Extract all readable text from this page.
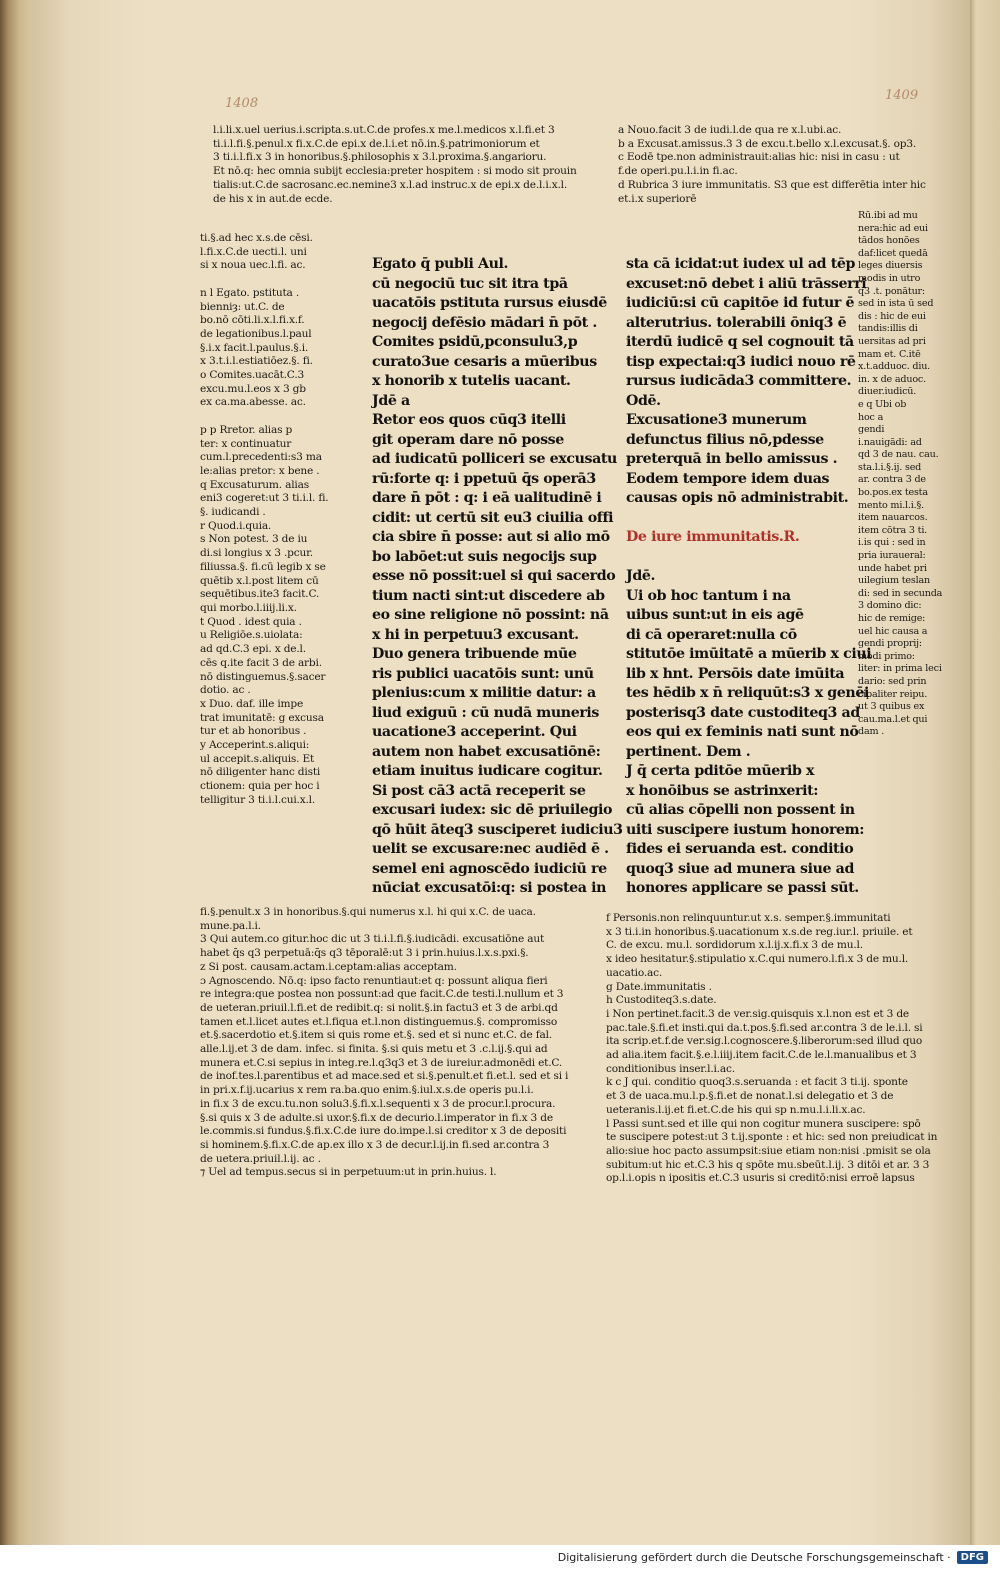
1408
1409

l.i.li.x.uel uerius.i.scripta.s.ut.C.de profes.x me.l.medicos x.l.fi.et 3

ti.i.l.fi.§.penul.x fi.x.C.de epi.x de.l.i.et nō.in.§.patrimoniorum et

3 ti.i.l.fi.x 3 in honoribus.§.philosophis x 3.l.proxima.§.angarioru.

Et nō.q: hec omnia subijt ecclesia:preter hospitem : si modo sit prouin

tialis:ut.C.de sacrosanc.ec.nemine3 x.l.ad instruc.x de epi.x de.l.i.x.l.

de his x in aut.de ecde.

ti.§.ad hec x.s.de cēsi.

l.fi.x.C.de uecti.l. uni

si x noua uec.l.fi. ac.

n l Egato. pstituta .

bienniȝ: ut.C. de

bo.nō cōti.li.x.l.fi.x.f.

de legationibus.l.paul

§.i.x facit.l.paulus.§.i.

x 3.t.i.l.estiatiōez.§. fi.

o Comites.uacāt.C.3

excu.mu.l.eos x 3 gb

ex ca.ma.abesse. ac.

p p Rretor. alias p

ter: x continuatur

cum.l.precedenti:s3 ma

le:alias pretor: x bene .

q Excusaturum. alias

eni3 cogeret:ut 3 ti.i.l. fi.

§. iudicandi .

r Quod.i.quia.

s Non potest. 3 de iu

di.si longius x 3 .pcur.

filiussa.§. fi.cū legib x se

quētib x.l.post litem cū

sequētibus.ite3 facit.C.

qui morbo.l.iiij.li.x.

t Quod . idest quia .

u Religiōe.s.uiolata:

ad qd.C.3 epi. x de.l.

cēs q.ite facit 3 de arbi.

nō distinguemus.§.sacer

dotio. ac .

x Duo. daf. ille impe

trat imunitatē: g excusa

tur et ab honoribus .

y Acceperint.s.aliqui:

ul accepit.s.aliquis. Et

nō diligenter hanc disti

ctionem: quia per hoc i

telligitur 3 ti.i.l.cui.x.l.

fi.§.penult.x 3 in honoribus.§.qui numerus x.l. hi qui x.C. de uaca.

mune.pa.l.i.

3 Qui autem.co gitur.hoc dic ut 3 ti.i.l.fi.§.iudicādi. excusatiōne aut

habet q̄s q3 perpetuā:q̄s q3 tēporalē:ut 3 i prin.huius.l.x.s.pxi.§.

z Si post. causam.actam.i.ceptam:alias acceptam.

ɔ Agnoscendo. Nō.q: ipso facto renuntiaut:et q: possunt aliqua fieri

re integra:que postea non possunt:ad que facit.C.de testi.l.nullum et 3

de ueteran.priuil.l.fi.et de redibit.q: si nolit.§.in factu3 et 3 de arbi.qd

tamen et.l.licet autes et.l.fiqua et.l.non distinguemus.§. compromisso

et.§.sacerdotio et.§.item si quis rome et.§. sed et si nunc et.C. de fal.

alle.l.ij.et 3 de dam. infec. si finita. §.si quis metu et 3 .c.l.ij.§.qui ad

munera et.C.si sepius in integ.re.l.q3q3 et 3 de iureiur.admonēdi et.C.

de inof.tes.l.parentibus et ad mace.sed et si.§.penult.et fi.et.l. sed et si i

in pri.x.f.ij.ucarius x rem ra.ba.quo enim.§.iul.x.s.de operis pu.l.i.

in fi.x 3 de excu.tu.non solu3.§.fi.x.l.sequenti x 3 de procur.l.procura.

§.si quis x 3 de adulte.si uxor.§.fi.x de decurio.l.imperator in fi.x 3 de

le.commis.si fundus.§.fi.x.C.de iure do.impe.l.si creditor x 3 de depositi

si hominem.§.fi.x.C.de ap.ex illo x 3 de decur.l.ij.in fi.sed ar.contra 3

de uetera.priuil.l.ij. ac .

⁊ Uel ad tempus.secus si in perpetuum:ut in prin.huius. l.

a Nouo.facit 3 de iudi.l.de qua re x.l.ubi.ac.

b a Excusat.amissus.3 3 de excu.t.bello x.l.excusat.§. op3.

c Eodē tpe.non administrauit:alias hic: nisi in casu : ut

f.de operi.pu.l.i.in fi.ac.

d Rubrica 3 iure immunitatis. S3 que est differētia inter hic

et.i.x superiorē

Rū.ibi ad mu

nera:hic ad eui

tādos honōes

daf:licet quedā

leges diuersis

modis in utro

q3 .t. ponātur:

sed in ista ū sed

dis : hic de eui

tandis:illis di

uersitas ad pri

mam et. C.itē

x.t.adduoc. diu.

in. x de aduoc.

diuer.iudicū.

e q Ubi ob

hoc a

gendi

i.nauigādi: ad

qd 3 de nau. cau.

sta.l.i.§.ij. sed

ar. contra 3 de

bo.pos.ex testa

mento mi.l.i.§.

item nauarcos.

item cōtra 3 ti.

i.is qui : sed in

pria iuraueral:

unde habet pri

uilegium teslan

di: sed in secunda

3 domino dic:

hic de remige:

uel hic causa a

gendi proprij:

modi primo:

liter: in prima leci

dario: sed prin

cipaliter reipu.

ut 3 quibus ex

cau.ma.l.et qui

dam .

f Personis.non relinquuntur.ut x.s. semper.§.immunitati

x 3 ti.i.in honoribus.§.uacationum x.s.de reg.iur.l. priuile. et

C. de excu. mu.l. sordidorum x.l.ij.x.fi.x 3 de mu.l.

x ideo hesitatur.§.stipulatio x.C.qui numero.l.fi.x 3 de mu.l.

uacatio.ac.

g Date.immunitatis .

h Custoditeq3.s.date.

i Non pertinet.facit.3 de ver.sig.quisquis x.l.non est et 3 de

pac.tale.§.fi.et insti.qui da.t.pos.§.fi.sed ar.contra 3 de le.i.l. si

ita scrip.et.f.de ver.sig.l.cognoscere.§.liberorum:sed illud quo

ad alia.item facit.§.e.l.iiij.item facit.C.de le.l.manualibus et 3

conditionibus inser.l.i.ac.

k c J qui. conditio quoq3.s.seruanda : et facit 3 ti.ij. sponte

et 3 de uaca.mu.l.p.§.fi.et de nonat.l.si delegatio et 3 de

ueteranis.l.ij.et fi.et.C.de his qui sp n.mu.l.i.li.x.ac.

l Passi sunt.sed et ille qui non cogitur munera suscipere: spō

te suscipere potest:ut 3 t.ij.sponte : et hic: sed non preiudicat in

alio:siue hoc pacto assumpsit:siue etiam non:nisi .pmisit se ola

subitum:ut hic et.C.3 his q spōte mu.sbeūt.l.ij. 3 ditōi et ar. 3 3

op.l.i.opis n ipositis et.C.3 usuris si creditō:nisi erroē lapsus

Egato q̄ publi Aul.

cū negociū tuc sit itra tpā

uacatōis pstituta rursus eiusdē

negocij defēsio mādari n̄ pōt .

Comites psidū,pconsulu3,p

curato3ue cesaris a mūeribus

x honorib x tutelis uacant.

Jdē a

Retor eos quos cūq3 itelli

git operam dare nō posse

ad iudicatū polliceri se excusatu

rū:forte q: i ppetuū q̄s operā3

dare n̄ pōt : q: i eā ualitudinē i

cidit: ut certū sit eu3 ciuilia offi

cia sbire n̄ posse: aut si alio mō

bo labōet:ut suis negocijs sup

esse nō possit:uel si qui sacerdo

tium nacti sint:ut discedere ab

eo sine religione nō possint: nā

x hi in perpetuu3 excusant.

Duo genera tribuende mūe

ris publici uacatōis sunt: unū

plenius:cum x militie datur: a

liud exiguū : cū nudā muneris

uacatione3 acceperint. Qui

autem non habet excusatiōnē:

etiam inuitus iudicare cogitur.

Si post cā3 actā receperit se

excusari iudex: sic dē priuilegio

qō hūit āteq3 susciperet iudiciu3

uelit se excusare:nec audiēd ē .

semel eni agnoscēdo iudiciū re

nūciat excusatōi:q: si postea in

sta cā icidat:ut iudex ul ad tēp

excuset:nō debet i aliū trāsserri

iudiciū:si cū capitōe id futur ē

alterutrius. tolerabili ōniq3 ē

iterdū iudicē q sel cognouit tā

tisp expectai:q3 iudici nouo rē

rursus iudicāda3 committere.

Odē.

Excusatione3 munerum

defunctus filius nō,pdesse

preterquā in bello amissus .

Eodem tempore idem duas

causas opis nō administrabit.

De iure immunitatis.R.

Jdē.

Ui ob hoc tantum i na

uibus sunt:ut in eis agē

di cā operaret:nulla cō

stitutōe imūitatē a mūerib x ciui

lib x hnt. Persōis date imūita

tes hēdib x n̄ reliquūt:s3 x genēi

posterisq3 date custoditeq3 ad

eos qui ex feminis nati sunt nō

pertinent. Dem .

J q̄ certa pditōe mūerib x

x honōibus se astrinxerit:

cū alias cōpelli non possent in

uiti suscipere iustum honorem:

fides ei seruanda est. conditio

quoq3 siue ad munera siue ad

honores applicare se passi sūt.

Digitalisierung gefördert durch die Deutsche Forschungsgemeinschaft ·	DFG
